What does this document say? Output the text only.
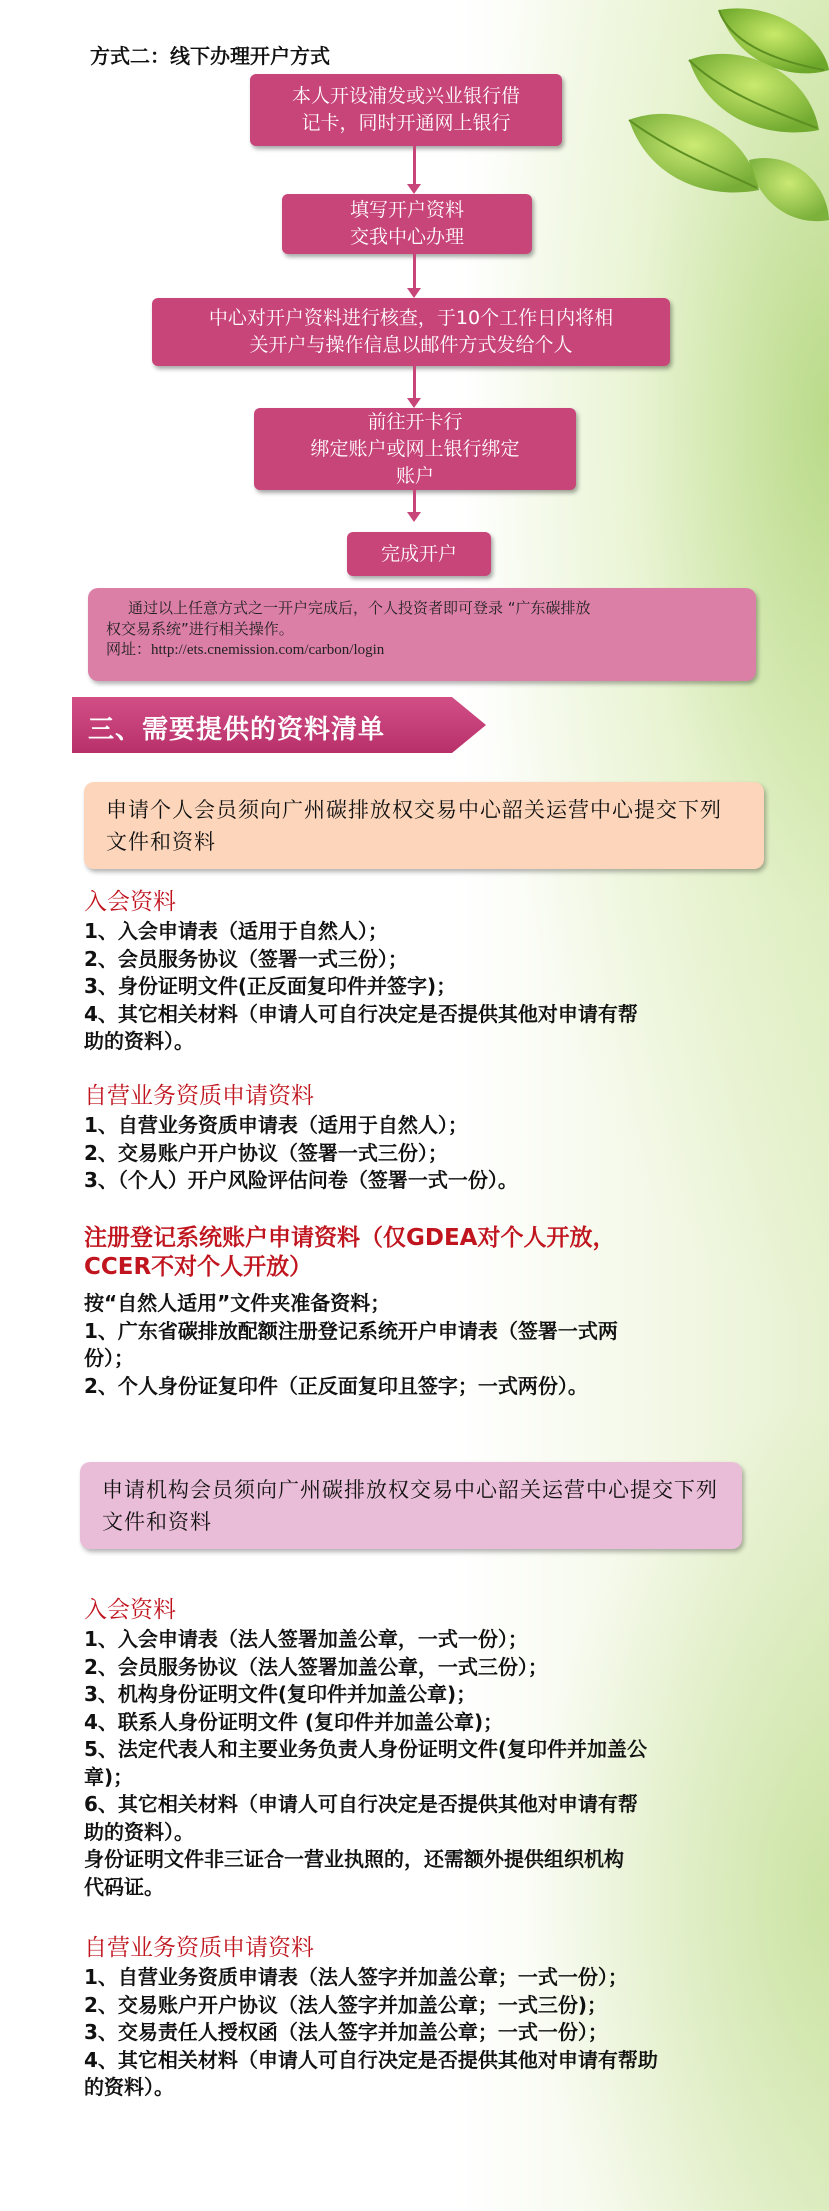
方式二：线下办理开户方式
本人开设浦发或兴业银行借
记卡，同时开通网上银行
填写开户资料
交我中心办理
中心对开户资料进行核查，于10个工作日内将相
关开户与操作信息以邮件方式发给个人
前往开卡行
绑定账户或网上银行绑定
账户
完成开户
通过以上任意方式之一开户完成后，个人投资者即可登录 “广东碳排放
权交易系统”进行相关操作。
网址：http://ets.cnemission.com/carbon/login
三、需要提供的资料清单
申请个人会员须向广州碳排放权交易中心韶关运营中心提交下列文件和资料
入会资料
1、入会申请表（适用于自然人）；
2、会员服务协议（签署一式三份）；
3、身份证明文件(正反面复印件并签字)；
4、其它相关材料（申请人可自行决定是否提供其他对申请有帮
助的资料）。
自营业务资质申请资料
1、自营业务资质申请表（适用于自然人）；
2、交易账户开户协议（签署一式三份）；
3、（个人）开户风险评估问卷（签署一式一份）。
注册登记系统账户申请资料（仅GDEA对个人开放，
CCER不对个人开放）
按“自然人适用”文件夹准备资料；
1、广东省碳排放配额注册登记系统开户申请表（签署一式两
份）；
2、个人身份证复印件（正反面复印且签字；一式两份）。
申请机构会员须向广州碳排放权交易中心韶关运营中心提交下列文件和资料
入会资料
1、入会申请表（法人签署加盖公章，一式一份）；
2、会员服务协议（法人签署加盖公章，一式三份）；
3、机构身份证明文件(复印件并加盖公章)；
4、联系人身份证明文件 (复印件并加盖公章)；
5、法定代表人和主要业务负责人身份证明文件(复印件并加盖公
章)；
6、其它相关材料（申请人可自行决定是否提供其他对申请有帮
助的资料）。
身份证明文件非三证合一营业执照的，还需额外提供组织机构
代码证。
自营业务资质申请资料
1、自营业务资质申请表（法人签字并加盖公章；一式一份）；
2、交易账户开户协议（法人签字并加盖公章；一式三份)；
3、交易责任人授权函（法人签字并加盖公章；一式一份）；
4、其它相关材料（申请人可自行决定是否提供其他对申请有帮助
的资料）。
